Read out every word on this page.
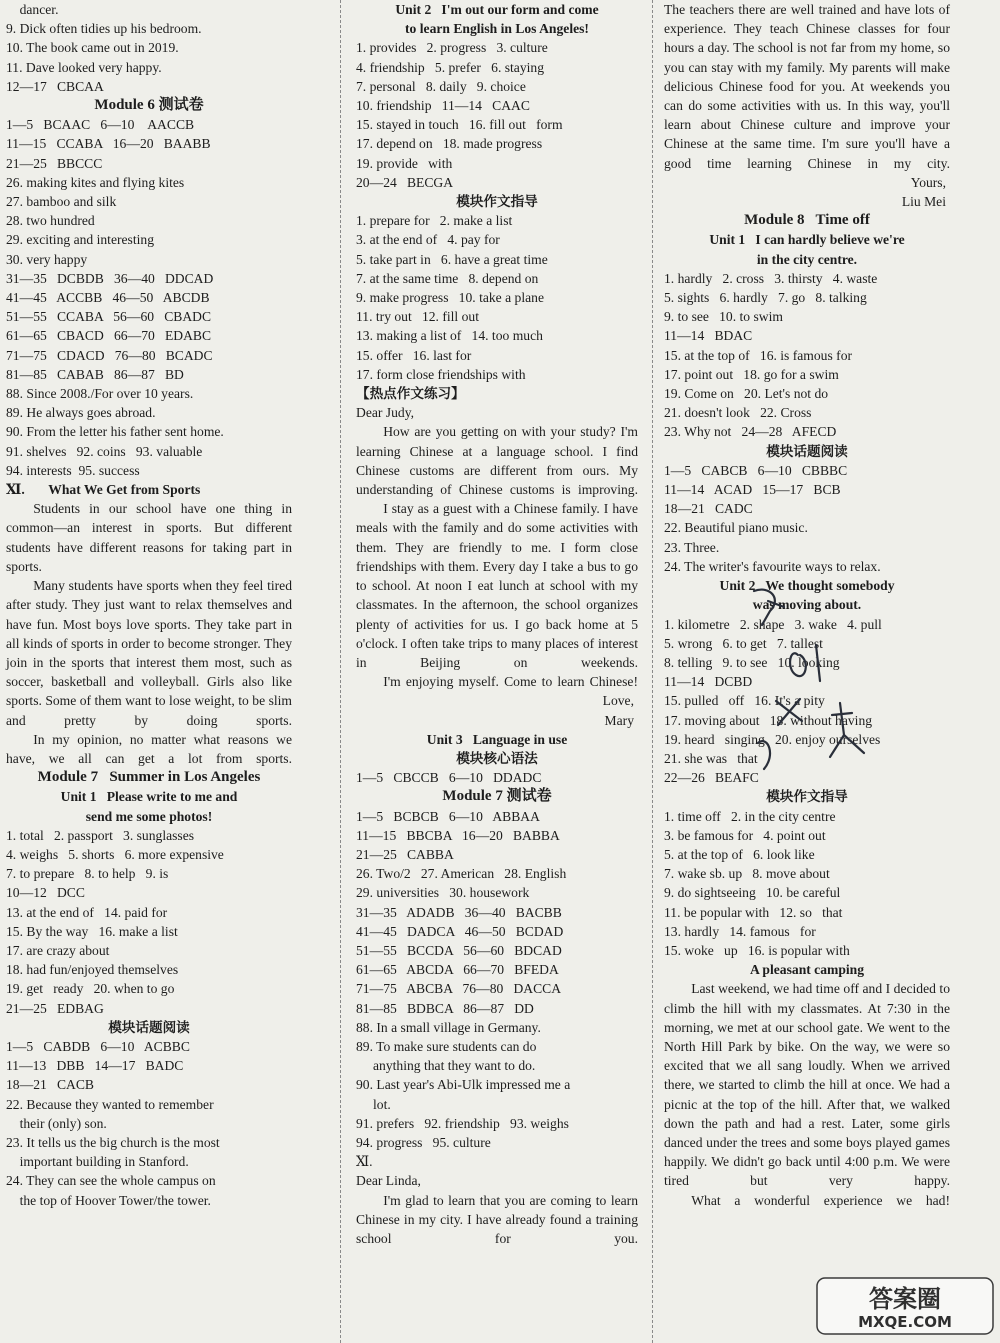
dancer.
9. Dick often tidies up his bedroom.
10. The book came out in 2019.
11. Dave looked very happy.
12—17   CBCAA
Module 6 测试卷
1—5   BCAAC   6—10    AACCB
11—15   CCABA   16—20   BAABB
21—25   BBCCC
26. making kites and flying kites
27. bamboo and silk
28. two hundred
29. exciting and interesting
30. very happy
31—35   DCBDB   36—40   DDCAD
41—45   ACCBB   46—50   ABCDB
51—55   CCABA   56—60   CBADC
61—65   CBACD   66—70   EDABC
71—75   CDACD   76—80   BCADC
81—85   CABAB   86—87   BD
88. Since 2008./For over 10 years.
89. He always goes abroad.
90. From the letter his father sent home.
91. shelves   92. coins   93. valuable
94. interests  95. success
Ⅺ.       What We Get from Sports
Students in our school have one thing in common—an interest in sports. But different students have different reasons for taking part in sports.
Many students have sports when they feel tired after study. They just want to relax themselves and have fun. Most boys love sports. They take part in all kinds of sports in order to become stronger. They join in the sports that interest them most, such as soccer, basketball and volleyball. Girls also like sports. Some of them want to lose weight, to be slim and pretty by doing sports.
In my opinion, no matter what reasons we have, we all can get a lot from sports.
Module 7   Summer in Los Angeles
Unit 1   Please write to me and
send me some photos!
1. total   2. passport   3. sunglasses
4. weighs   5. shorts   6. more expensive
7. to prepare   8. to help   9. is
10—12   DCC
13. at the end of   14. paid for
15. By the way   16. make a list
17. are crazy about
18. had fun/enjoyed themselves
19. get   ready   20. when to go
21—25   EDBAG
模块话题阅读
1—5   CABDB   6—10   ACBBC
11—13   DBB   14—17   BADC
18—21   CACB
22. Because they wanted to remember
their (only) son.
23. It tells us the big church is the most
important building in Stanford.
24. They can see the whole campus on
the top of Hoover Tower/the tower.
Unit 2   I'm out our form and come
to learn English in Los Angeles!
1. provides   2. progress   3. culture
4. friendship   5. prefer   6. staying
7. personal   8. daily   9. choice
10. friendship   11—14   CAAC
15. stayed in touch   16. fill out   form
17. depend on   18. made progress
19. provide   with
20—24   BECGA
模块作文指导
1. prepare for   2. make a list
3. at the end of   4. pay for
5. take part in   6. have a great time
7. at the same time   8. depend on
9. make progress   10. take a plane
11. try out   12. fill out
13. making a list of   14. too much
15. offer   16. last for
17. form close friendships with
【热点作文练习】
Dear Judy,
How are you getting on with your study? I'm learning Chinese at a language school. I find Chinese customs are different from ours. My understanding of Chinese customs is improving.
I stay as a guest with a Chinese family. I have meals with the family and do some activities with them. They are friendly to me. I form close friendships with them. Every day I take a bus to go to school. At noon I eat lunch at school with my classmates. In the afternoon, the school organizes plenty of activities for us. I go back home at 5 o'clock. I often take trips to many places of interest in Beijing on weekends.
I'm enjoying myself. Come to learn Chinese!
Love,
Mary
Unit 3   Language in use
模块核心语法
1—5   CBCCB   6—10   DDADC
Module 7 测试卷
1—5   BCBCB   6—10   ABBAA
11—15   BBCBA   16—20   BABBA
21—25   CABBA
26. Two/2   27. American   28. English
29. universities   30. housework
31—35   ADADB   36—40   BACBB
41—45   DADCA   46—50   BCDAD
51—55   BCCDA   56—60   BDCAD
61—65   ABCDA   66—70   BFEDA
71—75   ABCBA   76—80   DACCA
81—85   BDBCA   86—87   DD
88. In a small village in Germany.
89. To make sure students can do
anything that they want to do.
90. Last year's Abi-Ulk impressed me a
lot.
91. prefers   92. friendship   93. weighs
94. progress   95. culture
Ⅺ.
Dear Linda,
I'm glad to learn that you are coming to learn Chinese in my city. I have already found a training school for you.
The teachers there are well trained and have lots of experience. They teach Chinese classes for four hours a day. The school is not far from my home, so you can stay with my family. My parents will make delicious Chinese food for you. At weekends you can do some activities with us. In this way, you'll learn about Chinese culture and improve your Chinese at the same time. I'm sure you'll have a good time learning Chinese in my city.
Yours,
Liu Mei
Module 8   Time off
Unit 1   I can hardly believe we're
in the city centre.
1. hardly   2. cross   3. thirsty   4. waste
5. sights   6. hardly   7. go   8. talking
9. to see   10. to swim
11—14   BDAC
15. at the top of   16. is famous for
17. point out   18. go for a swim
19. Come on   20. Let's not do
21. doesn't look   22. Cross
23. Why not   24—28   AFECD
模块话题阅读
1—5   CABCB   6—10   CBBBC
11—14   ACAD   15—17   BCB
18—21   CADC
22. Beautiful piano music.
23. Three.
24. The writer's favourite ways to relax.
Unit 2   We thought somebody
was moving about.
1. kilometre   2. shape   3. wake   4. pull
5. wrong   6. to get   7. tallest
8. telling   9. to see   10. looking
11—14   DCBD
15. pulled   off   16. It's a pity
17. moving about   18. without having
19. heard   singing   20. enjoy ourselves
21. she was   that
22—26   BEAFC
模块作文指导
1. time off   2. in the city centre
3. be famous for   4. point out
5. at the top of   6. look like
7. wake sb. up   8. move about
9. do sightseeing   10. be careful
11. be popular with   12. so   that
13. hardly   14. famous   for
15. woke   up   16. is popular with
A pleasant camping
Last weekend, we had time off and I decided to climb the hill with my classmates. At 7:30 in the morning, we met at our school gate. We went to the North Hill Park by bike. On the way, we were so excited that we all sang loudly. When we arrived there, we started to climb the hill at once. We had a picnic at the top of the hill. After that, we walked down the path and had a rest. Later, some girls danced under the trees and some boys played games happily. We didn't go back until 4:00 p.m. We were tired but very happy.
What a wonderful experience we had!
答案圈
MXQE.COM
